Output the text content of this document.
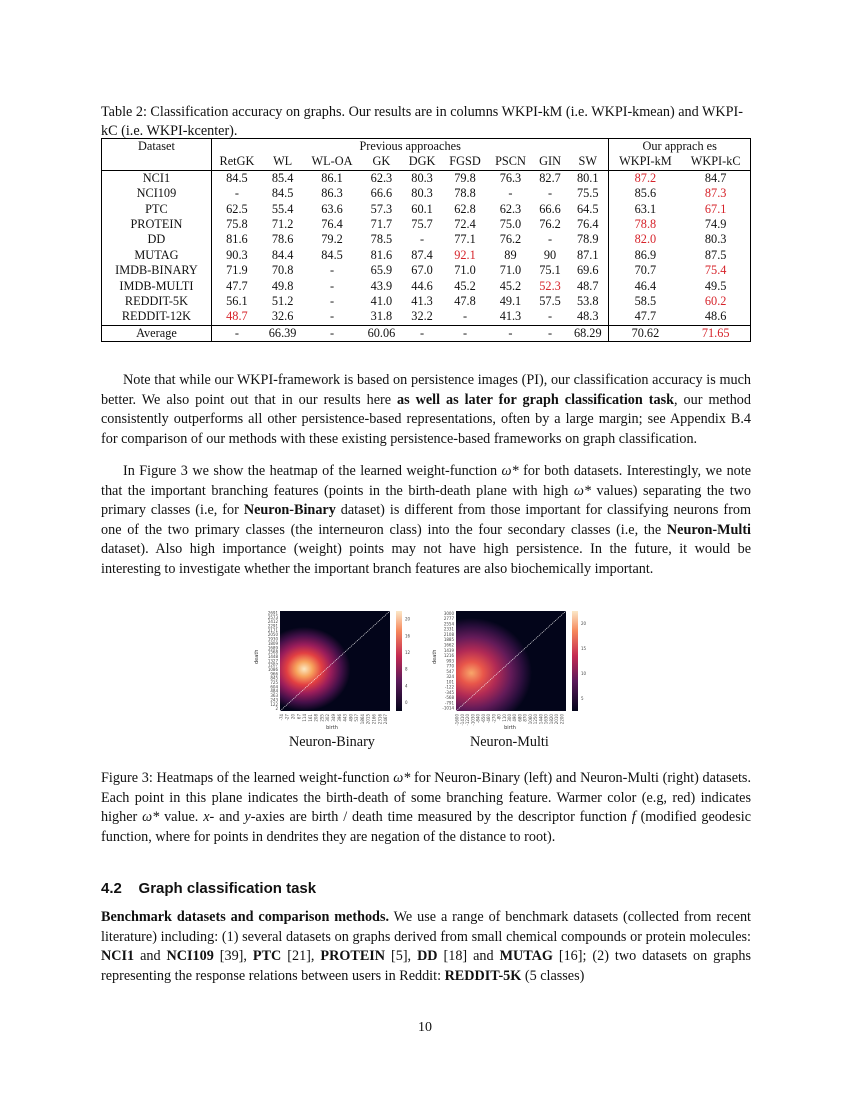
Table 2: Classification accuracy on graphs. Our results are in columns WKPI-kM (i.e. WKPI-kmean) and WKPI-kC (i.e. WKPI-kcenter).
Dataset	Previous approaches									Our apprach es	
	RetGK	WL	WL-OA	GK	DGK	FGSD	PSCN	GIN	SW	WKPI-kM	WKPI-kC
NCI1	84.5	85.4	86.1	62.3	80.3	79.8	76.3	82.7	80.1	87.2	84.7
NCI109	-	84.5	86.3	66.6	80.3	78.8	-	-	75.5	85.6	87.3
PTC	62.5	55.4	63.6	57.3	60.1	62.8	62.3	66.6	64.5	63.1	67.1
PROTEIN	75.8	71.2	76.4	71.7	75.7	72.4	75.0	76.2	76.4	78.8	74.9
DD	81.6	78.6	79.2	78.5	-	77.1	76.2	-	78.9	82.0	80.3
MUTAG	90.3	84.4	84.5	81.6	87.4	92.1	89	90	87.1	86.9	87.5
IMDB-BINARY	71.9	70.8	-	65.9	67.0	71.0	71.0	75.1	69.6	70.7	75.4
IMDB-MULTI	47.7	49.8	-	43.9	44.6	45.2	45.2	52.3	48.7	46.4	49.5
REDDIT-5K	56.1	51.2	-	41.0	41.3	47.8	49.1	57.5	53.8	58.5	60.2
REDDIT-12K	48.7	32.6	-	31.8	32.2	-	41.3	-	48.3	47.7	48.6
Average	-	66.39	-	60.06	-	-	-	-	68.29	70.62	71.65
Note that while our WKPI-framework is based on persistence images (PI), our classification accuracy is much better. We also point out that in our results here as well as later for graph classification task, our method consistently outperforms all other persistence-based representations, often by a large margin; see Appendix B.4 for comparison of our methods with these existing persistence-based frameworks on graph classification.
In Figure 3 we show the heatmap of the learned weight-function ω* for both datasets. Interestingly, we note that the important branching features (points in the birth-death plane with high ω* values) separating the two primary classes (i.e, for Neuron-Binary dataset) is different from those important for classifying neurons from one of the two primary classes (the interneuron class) into the four secondary classes (i.e, the Neuron-Multi dataset). Also high importance (weight) points may not have high persistence. In the future, it would be interesting to investigate whether the important branch features are also biochemically important.
2691
2573
2412
2291
2171
2050
1930
1809
1689
1568
1448
1327
1207
1086
966
845
725
604
484
363
243
122
2
-74 -27 20 67 114 161 208 255 302 349 396 443 490 537 1864 2015 2166 2316 2467
death
birth
20
16
12
8
4
0
3000
2777
2554
2331
2108
1885
1662
1439
1216
993
770
547
324
101
-122
-345
-568
-791
-1014
-1600 -1410 -1220 -1030 -840 -650 -460 -270 -80 110 300 490 680 870 1060 1250 1440 1630 1820 2010 2200
death
birth
20
15
10
5
Neuron-Binary	Neuron-Multi
Figure 3: Heatmaps of the learned weight-function ω* for Neuron-Binary (left) and Neuron-Multi (right) datasets. Each point in this plane indicates the birth-death of some branching feature. Warmer color (e.g, red) indicates higher ω* value. x- and y-axies are birth / death time measured by the descriptor function f (modified geodesic function, where for points in dendrites they are negation of the distance to root).
4.2 Graph classification task
Benchmark datasets and comparison methods. We use a range of benchmark datasets (collected from recent literature) including: (1) several datasets on graphs derived from small chemical compounds or protein molecules: NCI1 and NCI109 [39], PTC [21], PROTEIN [5], DD [18] and MUTAG [16]; (2) two datasets on graphs representing the response relations between users in Reddit: REDDIT-5K (5 classes)
10
